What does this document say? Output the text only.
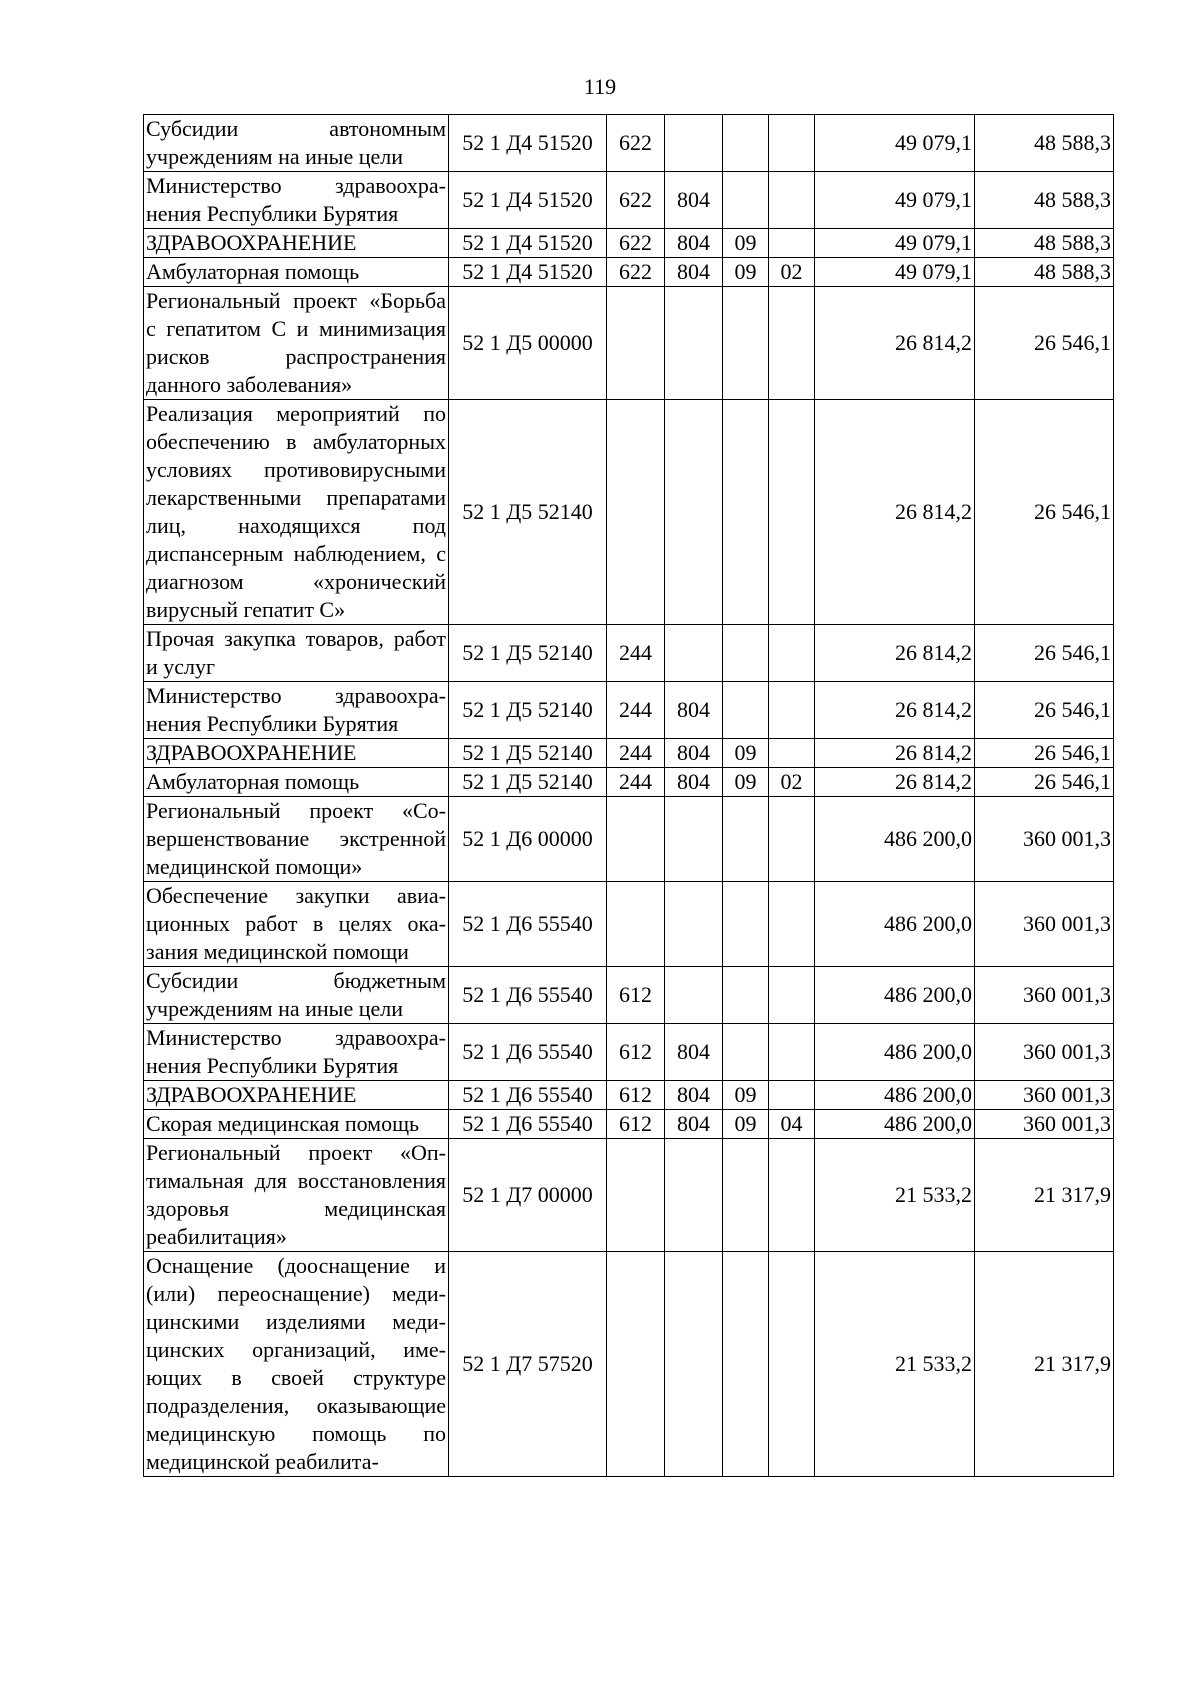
119
Субсидии автономным учреждениям на иные цели	52 1 Д4 51520	622				49 079,1	48 588,3
Министерство здравоохранения Республики Бурятия	52 1 Д4 51520	622	804			49 079,1	48 588,3
ЗДРАВООХРАНЕНИЕ	52 1 Д4 51520	622	804	09		49 079,1	48 588,3
Амбулаторная помощь	52 1 Д4 51520	622	804	09	02	49 079,1	48 588,3
Региональный проект «Борьба с гепатитом С и минимизация рисков распространения данного заболевания»	52 1 Д5 00000					26 814,2	26 546,1
Реализация мероприятий по обеспечению в амбулаторных условиях противовирусными лекарственными препаратами лиц, находящихся под диспансерным наблюдением, с диагнозом «хронический вирусный гепатит С»	52 1 Д5 52140					26 814,2	26 546,1
Прочая закупка товаров, работ и услуг	52 1 Д5 52140	244				26 814,2	26 546,1
Министерство здравоохранения Республики Бурятия	52 1 Д5 52140	244	804			26 814,2	26 546,1
ЗДРАВООХРАНЕНИЕ	52 1 Д5 52140	244	804	09		26 814,2	26 546,1
Амбулаторная помощь	52 1 Д5 52140	244	804	09	02	26 814,2	26 546,1
Региональный проект «Совершенствование экстренной медицинской помощи»	52 1 Д6 00000					486 200,0	360 001,3
Обеспечение закупки авиационных работ в целях оказания медицинской помощи	52 1 Д6 55540					486 200,0	360 001,3
Субсидии бюджетным учреждениям на иные цели	52 1 Д6 55540	612				486 200,0	360 001,3
Министерство здравоохранения Республики Бурятия	52 1 Д6 55540	612	804			486 200,0	360 001,3
ЗДРАВООХРАНЕНИЕ	52 1 Д6 55540	612	804	09		486 200,0	360 001,3
Скорая медицинская помощь	52 1 Д6 55540	612	804	09	04	486 200,0	360 001,3
Региональный проект «Оптимальная для восстановления здоровья медицинская реабилитация»	52 1 Д7 00000					21 533,2	21 317,9
Оснащение (дооснащение и (или) переоснащение) медицинскими изделиями медицинских организаций, имеющих в своей структуре подразделения, оказывающие медицинскую помощь по медицинской реабилита-	52 1 Д7 57520					21 533,2	21 317,9
